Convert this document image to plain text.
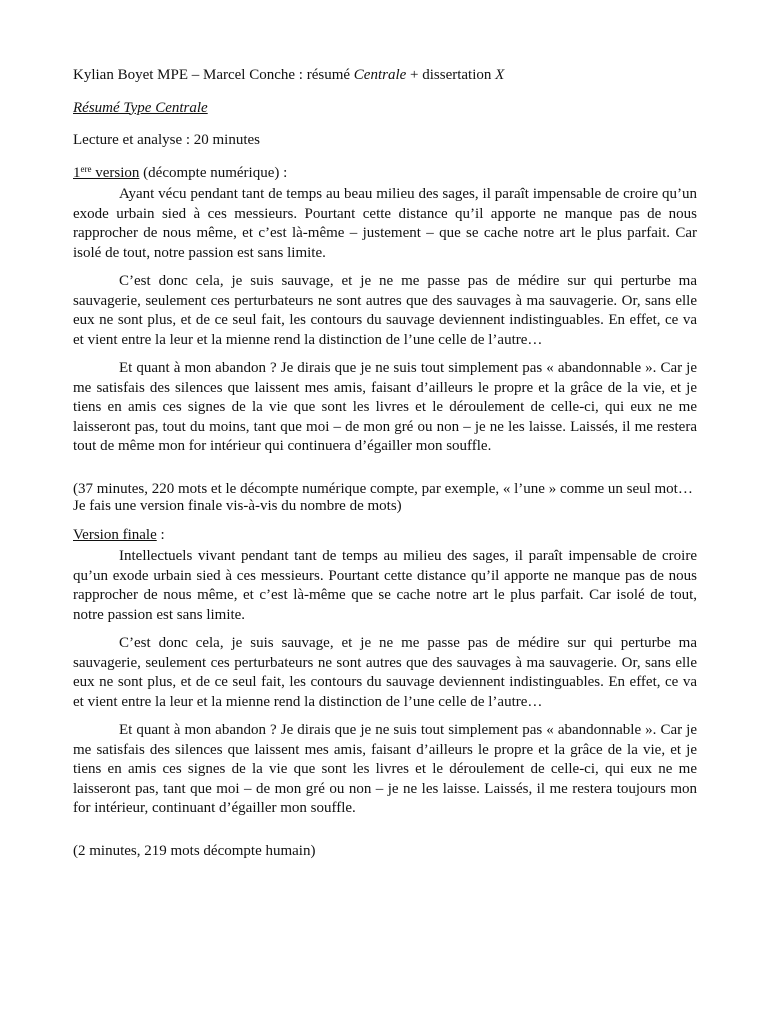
Kylian Boyet MPE – Marcel Conche : résumé Centrale + dissertation X

Résumé Type Centrale

Lecture et analyse : 20 minutes

1ere version (décompte numérique) :

Ayant vécu pendant tant de temps au beau milieu des sages, il paraît impensable de croire qu’un exode urbain sied à ces messieurs. Pourtant cette distance qu’il apporte ne manque pas de nous rapprocher de nous même, et c’est là-même – justement – que se cache notre art le plus parfait. Car isolé de tout, notre passion est sans limite.

C’est donc cela, je suis sauvage, et je ne me passe pas de médire sur qui perturbe ma sauvagerie, seulement ces perturbateurs ne sont autres que des sauvages à ma sauvagerie. Or, sans elle eux ne sont plus, et de ce seul fait, les contours du sauvage deviennent indistinguables. En effet, ce va et vient entre la leur et la mienne rend la distinction de l’une celle de l’autre…

Et quant à mon abandon ? Je dirais que je ne suis tout simplement pas « abandonnable ». Car je me satisfais des silences que laissent mes amis, faisant d’ailleurs le propre et la grâce de la vie, et je tiens en amis ces signes de la vie que sont les livres et le déroulement de celle-ci, qui eux ne me laisseront pas, tout du moins, tant que moi – de mon gré ou non – je ne les laisse. Laissés, il me restera tout de même mon for intérieur qui continuera d’égailler mon souffle.

(37 minutes, 220 mots et le décompte numérique compte, par exemple, « l’une » comme un seul mot… Je fais une version finale vis-à-vis du nombre de mots)

Version finale :

Intellectuels vivant pendant tant de temps au milieu des sages, il paraît impensable de croire qu’un exode urbain sied à ces messieurs. Pourtant cette distance qu’il apporte ne manque pas de nous rapprocher de nous même, et c’est là-même que se cache notre art le plus parfait. Car isolé de tout, notre passion est sans limite.

C’est donc cela, je suis sauvage, et je ne me passe pas de médire sur qui perturbe ma sauvagerie, seulement ces perturbateurs ne sont autres que des sauvages à ma sauvagerie. Or, sans elle eux ne sont plus, et de ce seul fait, les contours du sauvage deviennent indistinguables. En effet, ce va et vient entre la leur et la mienne rend la distinction de l’une celle de l’autre…

Et quant à mon abandon ? Je dirais que je ne suis tout simplement pas « abandonnable ». Car je me satisfais des silences que laissent mes amis, faisant d’ailleurs le propre et la grâce de la vie, et je tiens en amis ces signes de la vie que sont les livres et le déroulement de celle-ci, qui eux ne me laisseront pas, tant que moi – de mon gré ou non – je ne les laisse. Laissés, il me restera toujours mon for intérieur, continuant d’égailler mon souffle.

(2 minutes, 219 mots décompte humain)
